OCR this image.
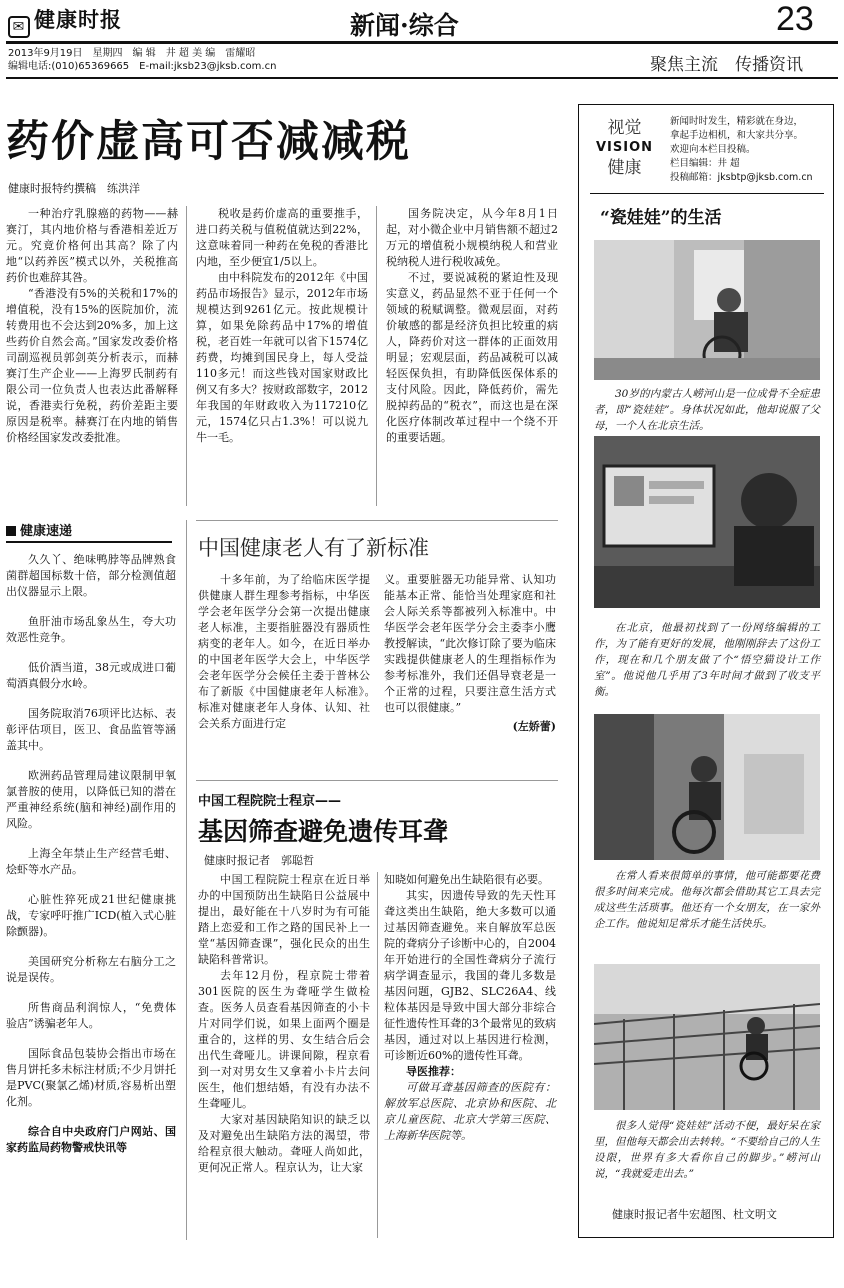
✉ 健康时报	新闻·综合	23
2013年9月19日　星期四　编 辑　井 超 美 编　雷耀昭
编辑电话:(010)65369665　E-mail:jksb23@jksb.com.cn	聚焦主流　传播资讯
药价虚高可否减减税
健康时报特约撰稿　练洪洋

一种治疗乳腺癌的药物——赫赛汀，其内地价格与香港相差近万元。究竟价格何出其高？除了内地“以药养医”模式以外，关税推高药价也难辞其咎。

“香港没有5%的关税和17%的增值税，没有15%的医院加价，流转费用也不会达到20%多，加上这些药价自然会高。”国家发改委价格司副巡视员郭剑英分析表示，而赫赛汀生产企业——上海罗氏制药有限公司一位负责人也表达此番解释说，香港卖行免税，药价差距主要原因是税率。赫赛汀在内地的销售价格经国家发改委批准。

税收是药价虚高的重要推手，进口药关税与值税值就达到22%，这意味着同一种药在免税的香港比内地，至少便宜1/5以上。

由中科院发布的2012年《中国药品市场报告》显示，2012年市场规模达到9261亿元。按此规模计算，如果免除药品中17%的增值税，老百姓一年就可以省下1574亿药费，均摊到国民身上，每人受益110多元！而这些钱对国家财政比例又有多大？按财政部数字，2012年我国的年财政收入为117210亿元，1574亿只占1.3%！可以说九牛一毛。

国务院决定，从今年8月1日起，对小微企业中月销售额不超过2万元的增值税小规模纳税人和营业税纳税人进行税收减免。

不过，要说减税的紧迫性及现实意义，药品显然不亚于任何一个领域的税赋调整。微观层面，对药价敏感的都是经济负担比较重的病人，降药价对这一群体的正面效用明显；宏观层面，药品减税可以减轻医保负担，有助降低医保体系的支付风险。因此，降低药价，需先脱掉药品的“税衣”，而这也是在深化医疗体制改革过程中一个绕不开的重要话题。

健康速递

久久丫、绝味鸭脖等品牌熟食菌群超国标数十倍，部分检测值超出仪器显示上限。

鱼肝油市场乱象丛生，夸大功效恶性竞争。

低价酒当道，38元或成进口葡萄酒真假分水岭。

国务院取消76项评比达标、表彰评估项目，医卫、食品监管等涵盖其中。

欧洲药品管理局建议限制甲氧氯普胺的使用，以降低已知的潜在严重神经系统(脑和神经)副作用的风险。

上海全年禁止生产经营毛蚶、烩虾等水产品。

心脏性猝死成21世纪健康挑战，专家呼吁推广ICD(植入式心脏除颤器)。

美国研究分析称左右脑分工之说是误传。

所售商品利润惊人，“免费体验店”诱骗老年人。

国际食品包装协会指出市场在售月饼托多未标注材质;不少月饼托是PVC(聚氯乙烯)材质,容易析出塑化剂。

综合自中央政府门户网站、国家药监局药物警戒快讯等

中国健康老人有了新标准

十多年前，为了给临床医学提供健康人群生理参考指标，中华医学会老年医学分会第一次提出健康老人标准，主要指脏器没有器质性病变的老年人。如今，在近日举办的中国老年医学大会上，中华医学会老年医学分会候任主委于普林公布了新版《中国健康老年人标准》。　标准对健康老年人身体、认知、社会关系方面进行定

义。重要脏器无功能异常、认知功能基本正常、能恰当处理家庭和社会人际关系等都被列入标准中。中华医学会老年医学分会主委李小鹰教授解读，“此次修订除了要为临床实践提供健康老人的生理指标作为参考标准外，我们还倡导衰老是一个正常的过程，只要注意生活方式也可以很健康。”

(左娇蕾)
中国工程院院士程京——
基因筛查避免遗传耳聋
健康时报记者　郭聪哲

中国工程院院士程京在近日举办的中国预防出生缺陷日公益展中提出，最好能在十八岁时为有可能踏上恋爱和工作之路的国民补上一堂“基因筛查课”，强化民众的出生缺陷科普常识。

去年12月份，程京院士带着301医院的医生为聋哑学生做检查。医务人员查看基因筛查的小卡片对同学们说，如果上面两个圈是重合的，这样的男、女生结合后会出代生聋哑儿。讲课间隙，程京看到一对对男女生又拿着小卡片去问医生，他们想结婚，有没有办法不生聋哑儿。

大家对基因缺陷知识的缺乏以及对避免出生缺陷方法的渴望，带给程京很大触动。聋哑人尚如此，更何况正常人。程京认为，让大家

知晓如何避免出生缺陷很有必要。

其实，因遗传导致的先天性耳聋这类出生缺陷，绝大多数可以通过基因筛查避免。来自解放军总医院的聋病分子诊断中心的，自2004年开始进行的全国性聋病分子流行病学调查显示，我国的聋儿多数是基因问题，GJB2、SLC26A4、线粒体基因是导致中国大部分非综合征性遗传性耳聋的3个最常见的致病基因，通过对以上基因进行检测，可诊断近60%的遗传性耳聋。

导医推荐：

可做耳聋基因筛查的医院有：解放军总医院、北京协和医院、北京儿童医院、北京大学第三医院、上海新华医院等。

视觉
VISION
健康
新闻时时发生，精彩就在身边，
拿起手边相机，和大家共分享。
欢迎向本栏目投稿。
栏目编辑：井 超
投稿邮箱：jksbtp@jksb.com.cn
“瓷娃娃”的生活
30岁的内蒙古人崂河山是一位成骨不全症患者，即“瓷娃娃”。身体状况如此，他却说服了父母，一个人在北京生活。
在北京，他最初找到了一份网络编辑的工作，为了能有更好的发展，他刚刚辞去了这份工作，现在和几个朋友做了个“悟空猫设计工作室”。他说他几乎用了3年时间才做到了收支平衡。
在常人看来很简单的事情，他可能都要花费很多时间来完成。他每次都会借助其它工具去完成这些生活琐事。他还有一个女朋友，在一家外企工作。他说知足常乐才能生活快乐。
很多人觉得“瓷娃娃”活动不便，最好呆在家里，但他每天都会出去转转。“不要给自己的人生设限，世界有多大看你自己的脚步。”崂河山说，“我就爱走出去。”
健康时报记者牛宏超图、杜文明文
